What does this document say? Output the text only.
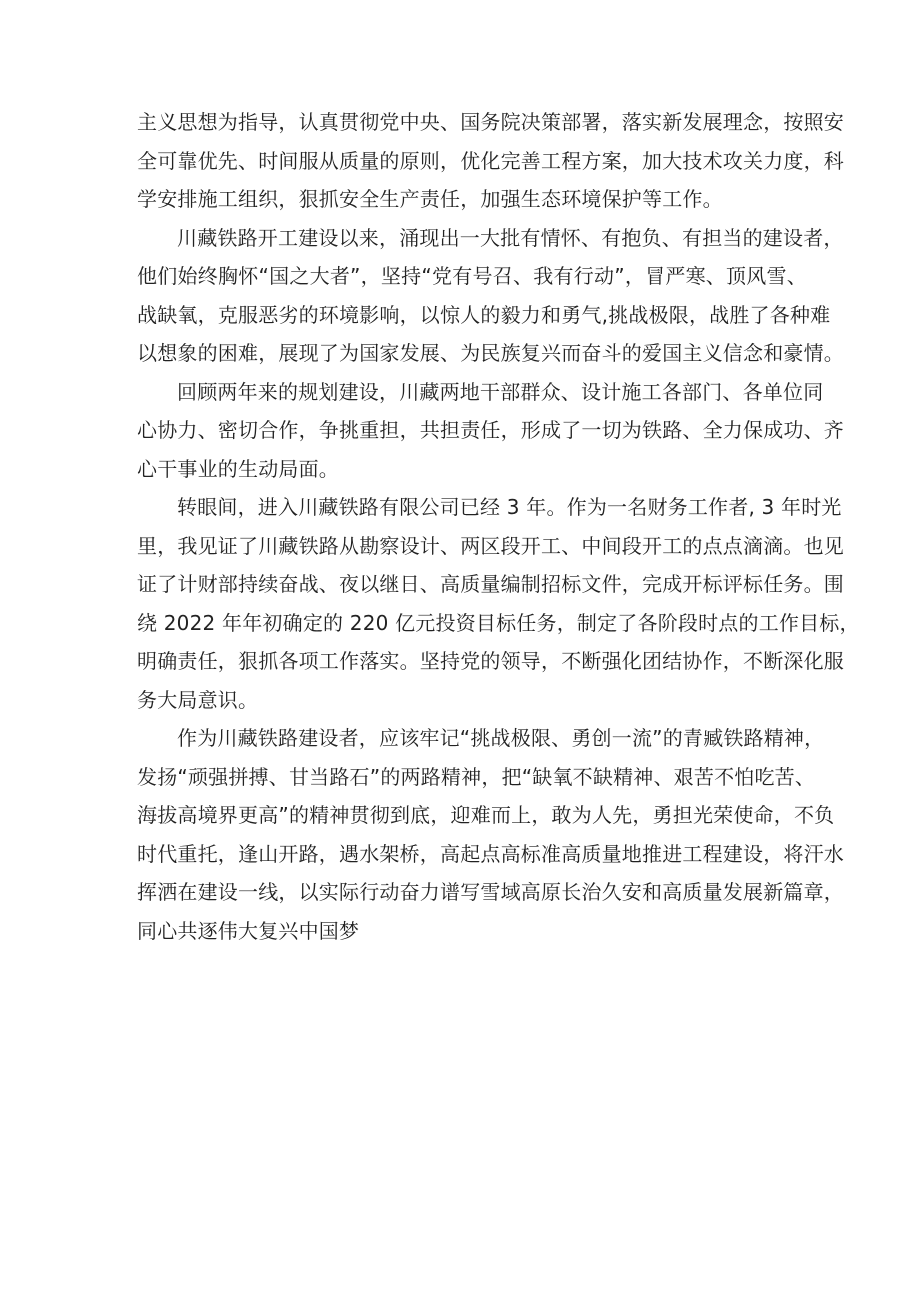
主义思想为指导，认真贯彻党中央、国务院决策部署，落实新发展理念，按照安
全可靠优先、时间服从质量的原则，优化完善工程方案，加大技术攻关力度，科
学安排施工组织，狠抓安全生产责任，加强生态环境保护等工作。
川藏铁路开工建设以来，涌现出一大批有情怀、有抱负、有担当的建设者，
他们始终胸怀“国之大者”，坚持“党有号召、我有行动”，冒严寒、顶风雪、
战缺氧，克服恶劣的环境影响，以惊人的毅力和勇气,挑战极限，战胜了各种难
以想象的困难，展现了为国家发展、为民族复兴而奋斗的爱国主义信念和豪情。
回顾两年来的规划建设，川藏两地干部群众、设计施工各部门、各单位同
心协力、密切合作，争挑重担，共担责任，形成了一切为铁路、全力保成功、齐
心干事业的生动局面。
转眼间，进入川藏铁路有限公司已经 3 年。作为一名财务工作者, 3 年时光
里，我见证了川藏铁路从勘察设计、两区段开工、中间段开工的点点滴滴。也见
证了计财部持续奋战、夜以继日、高质量编制招标文件，完成开标评标任务。围
绕 2022 年年初确定的 220 亿元投资目标任务，制定了各阶段时点的工作目标，
明确责任，狠抓各项工作落实。坚持党的领导，不断强化团结协作，不断深化服
务大局意识。
作为川藏铁路建设者，应该牢记“挑战极限、勇创一流”的青臧铁路精神，
发扬“顽强拼搏、甘当路石”的两路精神，把“缺氧不缺精神、艰苦不怕吃苦、
海拔高境界更高”的精神贯彻到底，迎难而上，敢为人先，勇担光荣使命，不负
时代重托，逢山开路，遇水架桥，高起点高标准高质量地推进工程建设，将汗水
挥洒在建设一线，以实际行动奋力谱写雪域高原长治久安和高质量发展新篇章，
同心共逐伟大复兴中国梦
